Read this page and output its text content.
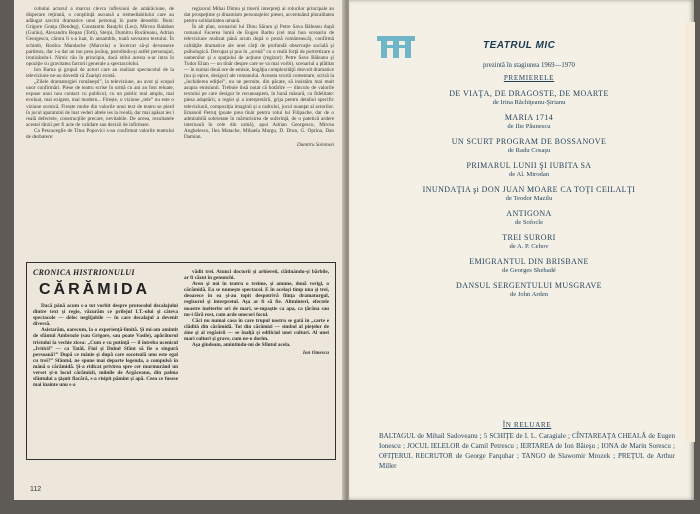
cobului actorul a marcat clevra inflexiuni de amărăciune, de disperare reţinută, o conştiinţă ascunsă a iremediabilului care au adăugat sarcini dramatice unui personaj în parte deosebit. Buni: Grigore Gonţa (Bendeg), Constantin Rauţchi (Leu), Mircea Balaban (Gurău), Alexandru Repan (Toth), Sterpi, Dumitru Rucăreanu, Adrian Georgescu, cărora li s-a luat, în ansamblu, toată savoarea textului. În schimb, Rodica Mandache (Marcela) a încercat să-şi devanseze partitura, dar i-a dat un ton prea jucăuş, parodindu-şi astfel personajul, ironizându-l. Nimic rău în principiu, dacă stilul acesta n-ar intra în opoziţie cu gravitatea factorii generale a spectacolului.

Ion Barna şi grupul de actori care au realizat spectacolul de la televiziune ne-au dovedit că Zsarişti există.

„Zilele dramaturgiei româneşti”, la televiziune, au avut şi scopul unor confirmări. Piese de teatru scrise în urmă cu ani au fost reluate, expuse unui nou contact cu publicul, cu un public mai amplu, mai evoluat, mai exigent, mai modern... Firește, o viziune „tele” nu este o viziune scenică. Firește multe din valorile unui text de teatru se pierd în jocul aparatului de luat vederi altele ies la iveală, dar mai apăsat ies î reală defectele, construcţiile precare, nevitabile. De aceea, rezultatele acestei târzii per fi acte de validare sau decizii de infirmare.

Ca Pescaceglie de Titus Popovici s-au confirmat valorile teatrului de dezbatere:

regizorul Mihai Dimiu şi tinerii interpreţi ai rolurilor principale au dat prospeţime şi dinamism personajelor piesei, accentuând pluralitatea pentru solidaritatea umană.

În alt plan, scenariul lui Dinu Săraru şi Petre Sava Băleanu după romanul Facerea lumii de Eugen Barbu (cel mai bun scenariu de televiziune realizat până acum după o proză românească), confirmă calităţile dramatice ale unei cărţi de profundă observaţie socială şi psihologică. Decupat şi pus în „scenă” cu o reală forţă de portretizare a oamenilor şi a spaţiului de acţiune (regizor): Petre Sava Băleanu şi Tudor Elian — un tînăr despre care se va mai vorbi), scenariul a plătitat — în numai două ore de emisie, bogăţia complexităţii dezvolt dramatice (nu şi epice, desigur) ale romanului. Aceasta scurtă comentare, scrisă la „închiderea ediţiei”, nu ne permite, din păcate, să insistăm mai mult asupra emisiunii. Trebuie însă notat că hotărîre — dincolo de valorile textului pe care desigur le recunoaştem, în bună măsură, cu fidelitate: piesa adaptării, a regiei şi a interpretării, grija pentru detaliul specific televiziunii, compoziţia imaginii şi a cadrului, jocul nuanţat al actorilor. Emanoil Petruţ (poate prea tînăr pentru rolul lui Filipache, dar de o admirabilă sobrietate în mărturisirea de suferinţă, de o patetică ardere interioară în cele din urmă), apoi Adrian Georgescu, Mircea Anghelescu, Ilea Matache, Mihaela Murgu, D. Dron, G. Oprina, Dan Damian.

Dumitru Solomon

CRONICA HISTRIONULUI
CĂRĂMIDA

Dacă până acum s-a tot vorbit despre protocolul decalajului dintre text şi regie, văzurăm ce prilejul I.T.-ului şi câteva spectacole — delec neglijabile — în care decalajul a devenit diversă.

Asistarăm, oarecum, la o experienţă-limită. Şi mi-am amintit de sfântul Ambrozie (sau Grigore, sau poate Vasile), apărătorul tristului la vechie zicea: „Cum e cu putinţă — il întreba ucenicul „Iviticii” — ca Tatăl, Fiul şi Duhul Sfânt să fie o singură persoană?” După ce mânie şi după care socoteală unu este egal cu trei?” Sfântul, ne spune mai departe legenda, a compulsă în mână o cărămidă. Şi-a ridicat privirea spre cer murmurând un verset şi-n locul cărămizii, miinile de Argăceanu, din palma sfântului a ţâşnit flacără, s-a risipit pămînt şi apă. Ceea ce fusese mai înainte unu s-a

vădit trei. Atunci doctorii şi arhiereii, clătinându-şi bărbile, ar fi căzut în genunchi.

Aven şi noi în teatru o treime, şi anume, două verigi, o cărămidă. Ea se numeşte spectacol. E în acelaşi timp una şi trei, deoarece în ea şi-au topit despotrivă fiinţa dramaturgul, regizorul şi interpretul. Aşa ar fi să fie. Altminteri, efectele noastre ineiterite ori de mari, se-mpaştie ca apa, ca ţărâna sau nu-i fără rost, cum arde unecori focul.

Căci nu numai casa în care trupul nostru se gată în „carte e clădită din cărămidă. Tot din cărămizi — simbol al pieţelor de zine şi al regăsirii — se înalţă şi edificiul unei culturi. Al unei mari culturi şi grave, cum ne-o dorim.

Aşa gîndeam, amintindu-mi de Sfîntul acela.

Ion Omescu

112
TEATRUL MIC
prezintă în stagiunea 1969—1970
PREMIERELE
DE VIAŢA, DE DRAGOSTE, DE MOARTE
de Irina Răchiţeanu-Şirianu
MARIA 1714
de Ilie Păunescu
UN SCURT PROGRAM DE BOSSANOVE
de Radu Cosaşu
PRIMARUL LUNII ŞI IUBITA SA
de Al. Mirodan
INUNDAŢIA şi DON JUAN MOARE CA TOŢI CEILALŢI
de Teodor Mazilu
ANTIGONA
de Sofocle
TREI SURORI
de A. P. Cehov
EMIGRANTUL DIN BRISBANE
de Georges Shehadé
DANSUL SERGENTULUI MUSGRAVE
de John Arden
ÎN RELUARE
BALTAGUL de Mihail Sadoveanu ; 5 SCHIŢE de I. L. Caragiale ; CÎNTAREAŢA CHEALĂ de Eugen Ionescu ; JOCUL IELELOR de Camil Petrescu ; IERTAREA de Ion Băieşu ; IONA de Marin Sorescu ; OFIŢERUL RECRUTOR de George Farquhar ; TANGO de Slawomir Mrozek ; PREŢUL de Arthur Miller
